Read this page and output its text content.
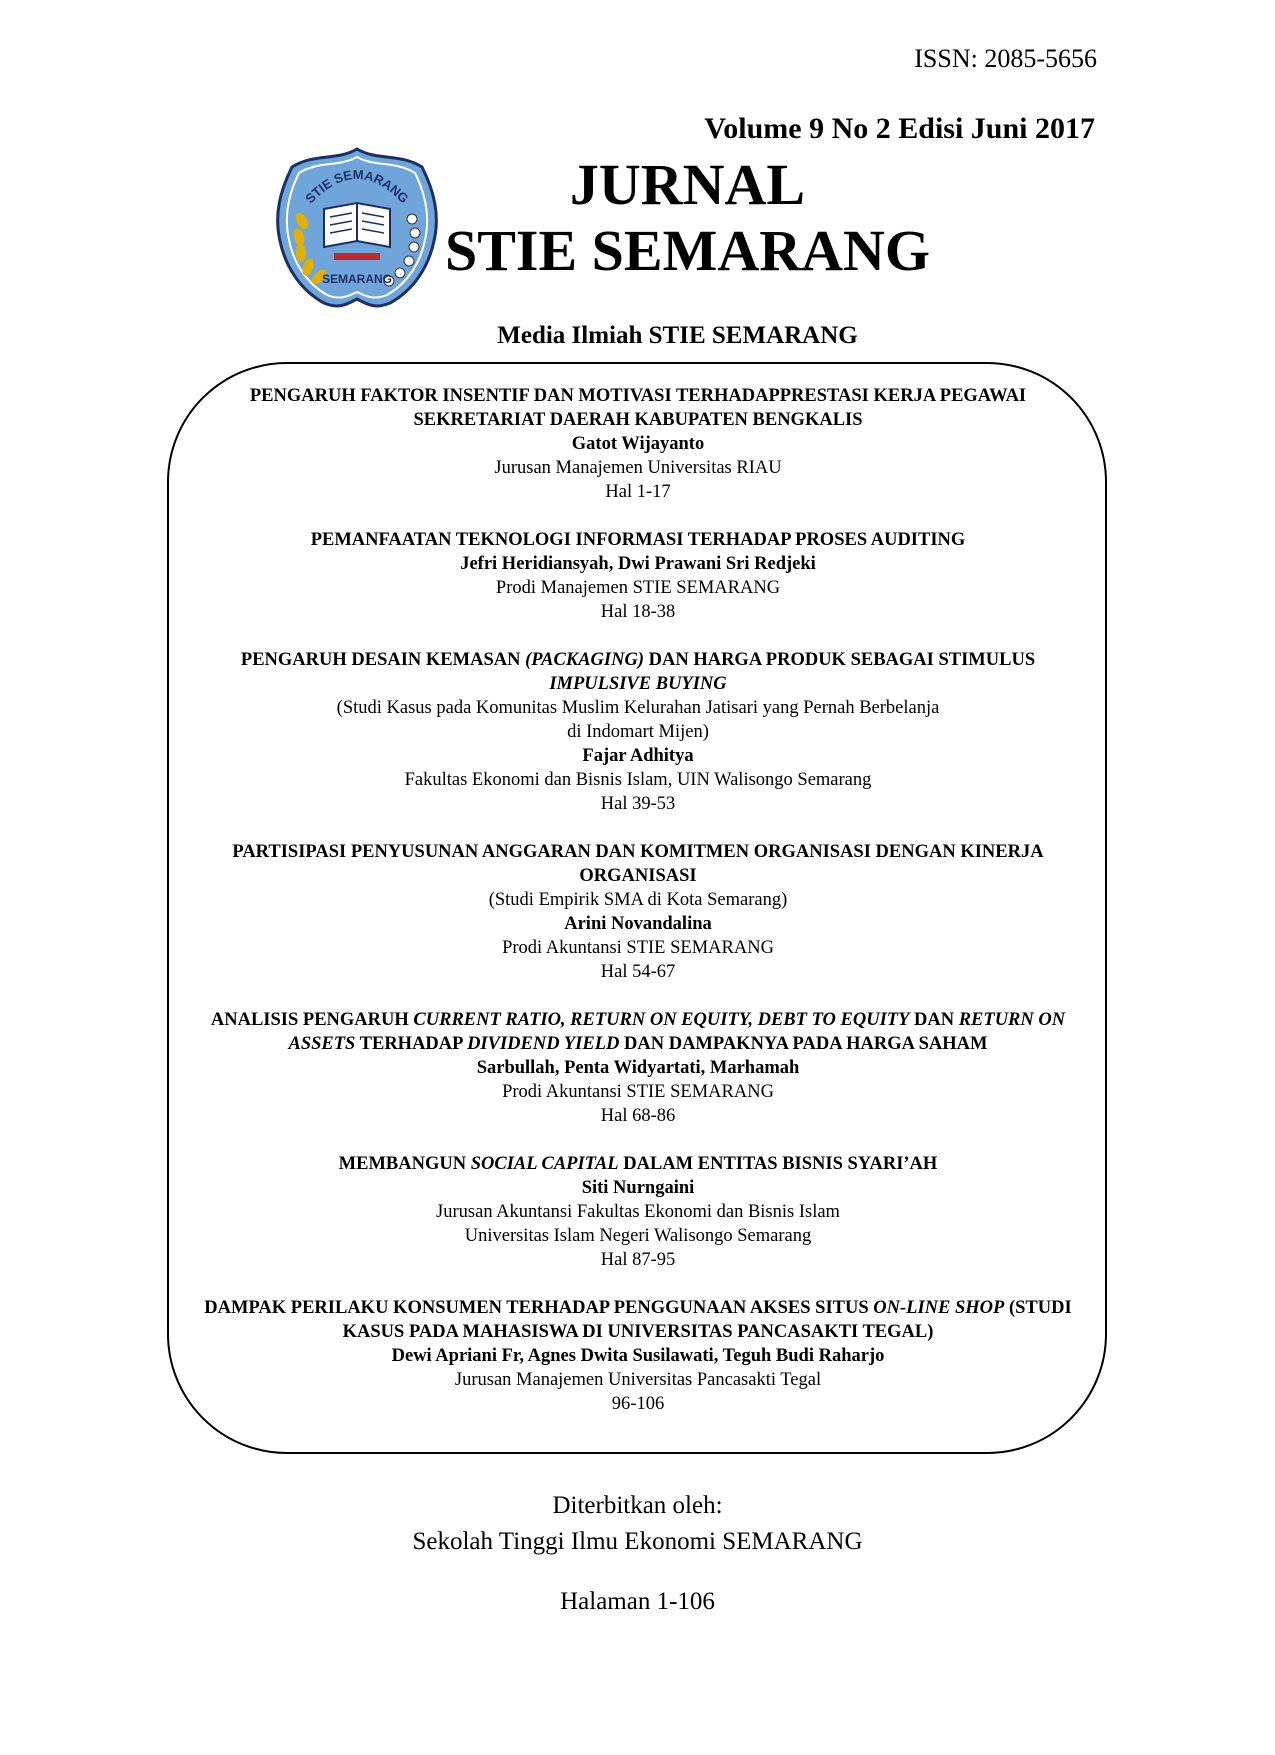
ISSN: 2085-5656
Volume 9 No 2 Edisi Juni 2017
STIE SEMARANG
SEMARANG
JURNAL
STIE SEMARANG
Media Ilmiah STIE SEMARANG
PENGARUH FAKTOR INSENTIF DAN MOTIVASI TERHADAPPRESTASI KERJA PEGAWAI SEKRETARIAT DAERAH KABUPATEN BENGKALIS
Gatot Wijayanto
Jurusan Manajemen Universitas RIAU
Hal 1-17
PEMANFAATAN TEKNOLOGI INFORMASI TERHADAP PROSES AUDITING
Jefri Heridiansyah, Dwi Prawani Sri Redjeki
Prodi Manajemen STIE SEMARANG
Hal 18-38
PENGARUH DESAIN KEMASAN (PACKAGING) DAN HARGA PRODUK SEBAGAI STIMULUS IMPULSIVE BUYING
(Studi Kasus pada Komunitas Muslim Kelurahan Jatisari yang Pernah Berbelanja
di Indomart Mijen)
Fajar Adhitya
Fakultas Ekonomi dan Bisnis Islam, UIN Walisongo Semarang
Hal 39-53
PARTISIPASI PENYUSUNAN ANGGARAN DAN KOMITMEN ORGANISASI DENGAN KINERJA ORGANISASI
(Studi Empirik SMA di Kota Semarang)
Arini Novandalina
Prodi Akuntansi STIE SEMARANG
Hal 54-67
ANALISIS PENGARUH CURRENT RATIO, RETURN ON EQUITY, DEBT TO EQUITY DAN RETURN ON ASSETS TERHADAP DIVIDEND YIELD DAN DAMPAKNYA PADA HARGA SAHAM
Sarbullah, Penta Widyartati, Marhamah
Prodi Akuntansi STIE SEMARANG
Hal 68-86
MEMBANGUN SOCIAL CAPITAL DALAM ENTITAS BISNIS SYARI’AH
Siti Nurngaini
Jurusan Akuntansi Fakultas Ekonomi dan Bisnis Islam
Universitas Islam Negeri Walisongo Semarang
Hal 87-95
DAMPAK PERILAKU KONSUMEN TERHADAP PENGGUNAAN AKSES SITUS ON-LINE SHOP (STUDI KASUS PADA MAHASISWA DI UNIVERSITAS PANCASAKTI TEGAL)
Dewi Apriani Fr, Agnes Dwita Susilawati, Teguh Budi Raharjo
Jurusan Manajemen Universitas Pancasakti Tegal
96-106
Diterbitkan oleh:
Sekolah Tinggi Ilmu Ekonomi SEMARANG
Halaman 1-106
